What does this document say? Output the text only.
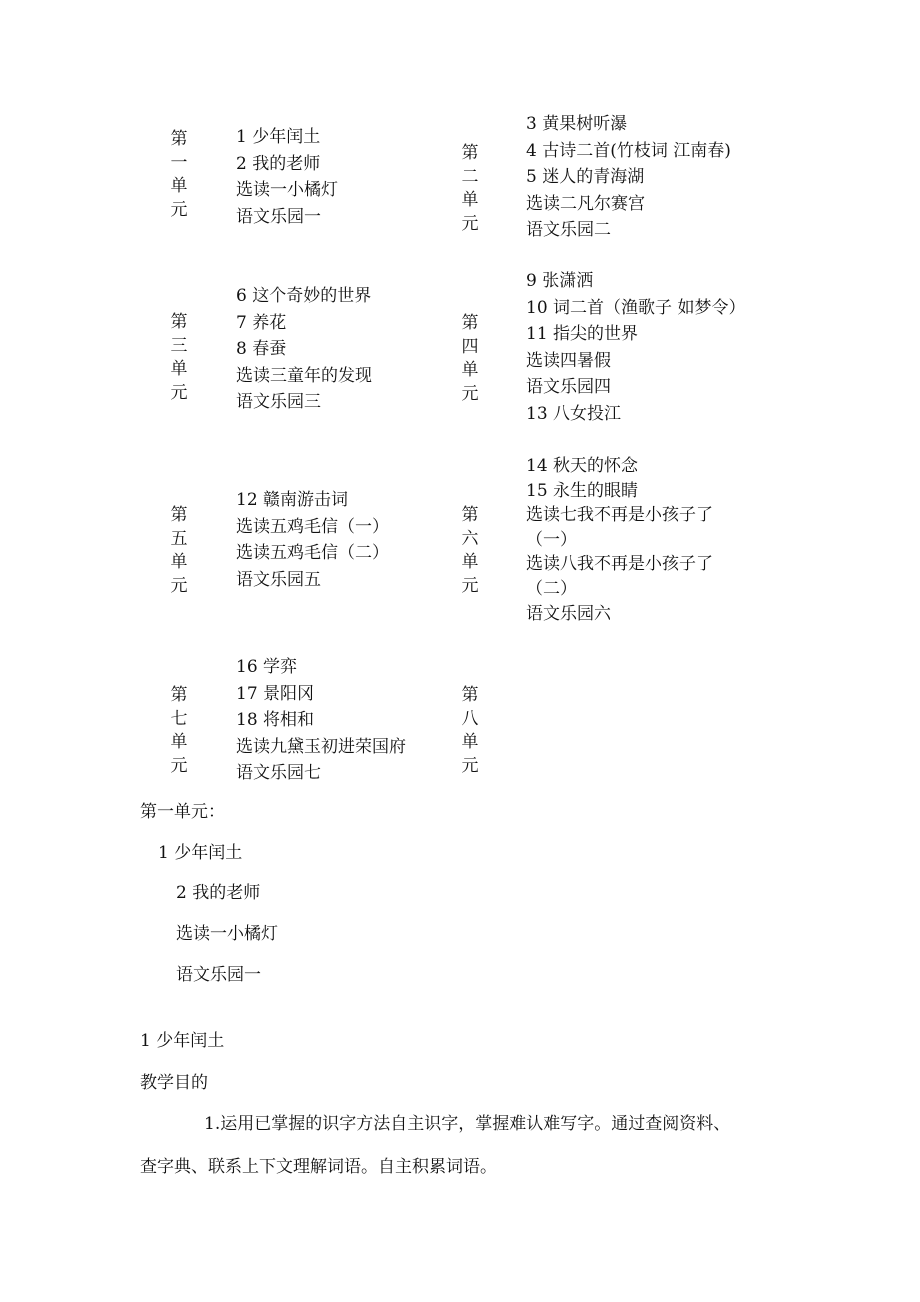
第
一
单
元
1 少年闰土
2 我的老师
选读一小橘灯
语文乐园一
第
二
单
元
3 黄果树听瀑
4 古诗二首(竹枝词 江南春)
5 迷人的青海湖
选读二凡尔赛宫
语文乐园二
第
三
单
元
6 这个奇妙的世界
7 养花
8 春蚕
选读三童年的发现
语文乐园三
第
四
单
元
9 张潇洒
10 词二首（渔歌子 如梦令）
11 指尖的世界
选读四暑假
语文乐园四
13 八女投江
第
五
单
元
12 赣南游击词
选读五鸡毛信（一）
选读五鸡毛信（二）
语文乐园五
第
六
单
元
14 秋天的怀念
15 永生的眼睛
选读七我不再是小孩子了
（一）
选读八我不再是小孩子了
（二）
语文乐园六
第
七
单
元
16 学弈
17 景阳冈
18 将相和
选读九黛玉初进荣国府
语文乐园七
第
八
单
元
第一单元：
1 少年闰土
2 我的老师
选读一小橘灯
语文乐园一
1 少年闰土
教学目的
1.运用已掌握的识字方法自主识字，掌握难认难写字。通过查阅资料、
查字典、联系上下文理解词语。自主积累词语。
